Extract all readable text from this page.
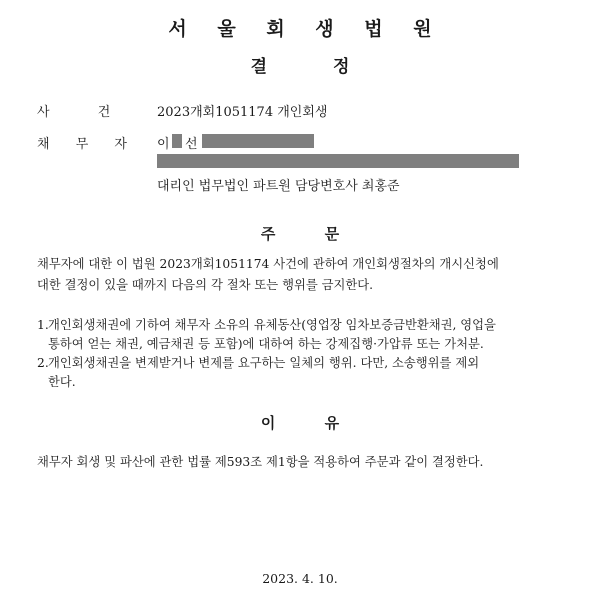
서 울 회 생 법 원
결 정
사 건	2023개회1051174 개인회생
채 무 자 이 선
대리인 법무법인 파트원 담당변호사 최홍준
주 문
채무자에 대한 이 법원 2023개회1051174 사건에 관하여 개인회생절차의 개시신청에
대한 결정이 있을 때까지 다음의 각 절차 또는 행위를 금지한다.
1. 개인회생채권에 기하여 채무자 소유의 유체동산(영업장 임차보증금반환채권, 영업을
통하여 얻는 채권, 예금채권 등 포함)에 대하여 하는 강제집행·가압류 또는 가처분.
2. 개인회생채권을 변제받거나 변제를 요구하는 일체의 행위. 다만, 소송행위를 제외
한다.
이 유
채무자 회생 및 파산에 관한 법률 제593조 제1항을 적용하여 주문과 같이 결정한다.
2023. 4. 10.
